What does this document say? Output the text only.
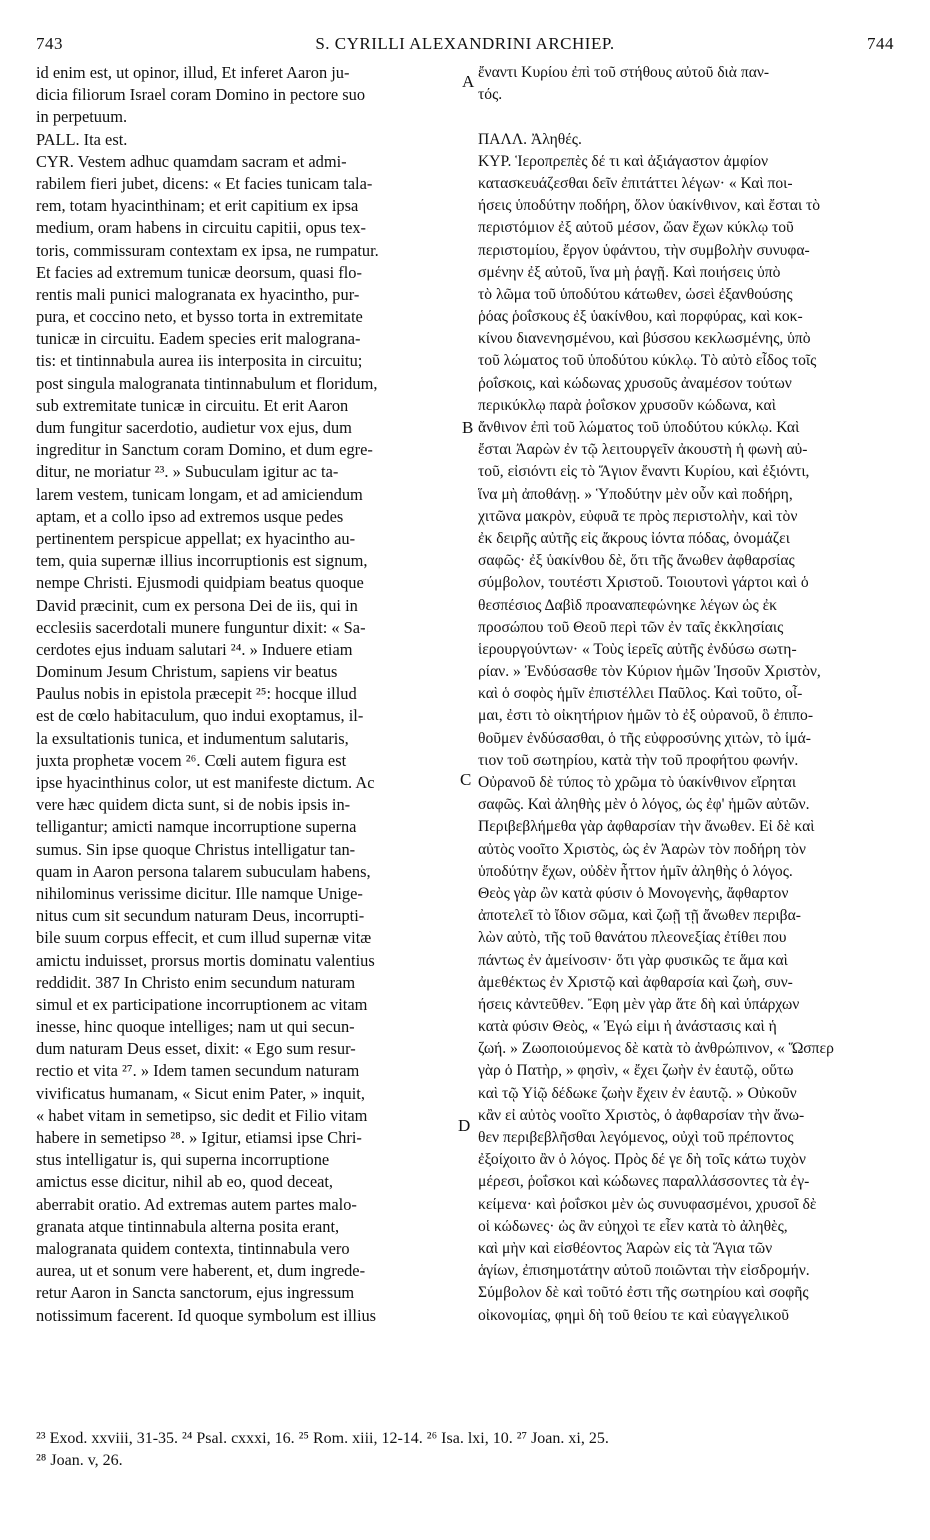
743	S. CYRILLI ALEXANDRINI ARCHIEP.	744
id enim est, ut opinor, illud, Et inferet Aaron ju-
dicia filiorum Israel coram Domino in pectore suo
in perpetuum.
PALL. Ita est.
CYR. Vestem adhuc quamdam sacram et admi-
rabilem fieri jubet, dicens: « Et facies tunicam tala-
rem, totam hyacinthinam; et erit capitium ex ipsa
medium, oram habens in circuitu capitii, opus tex-
toris, commissuram contextam ex ipsa, ne rumpatur.
Et facies ad extremum tunicæ deorsum, quasi flo-
rentis mali punici malogranata ex hyacintho, pur-
pura, et coccino neto, et bysso torta in extremitate
tunicæ in circuitu. Eadem species erit malograna-
tis: et tintinnabula aurea iis interposita in circuitu;
post singula malogranata tintinnabulum et floridum,
sub extremitate tunicæ in circuitu. Et erit Aaron
dum fungitur sacerdotio, audietur vox ejus, dum
ingreditur in Sanctum coram Domino, et dum egre-
ditur, ne moriatur ²³. » Subuculam igitur ac ta-
larem vestem, tunicam longam, et ad amiciendum
aptam, et a collo ipso ad extremos usque pedes
pertinentem perspicue appellat; ex hyacintho au-
tem, quia supernæ illius incorruptionis est signum,
nempe Christi. Ejusmodi quidpiam beatus quoque
David præcinit, cum ex persona Dei de iis, qui in
ecclesiis sacerdotali munere funguntur dixit: « Sa-
cerdotes ejus induam salutari ²⁴. » Induere etiam
Dominum Jesum Christum, sapiens vir beatus
Paulus nobis in epistola præcepit ²⁵: hocque illud
est de cœlo habitaculum, quo indui exoptamus, il-
la exsultationis tunica, et indumentum salutaris,
juxta prophetæ vocem ²⁶. Cœli autem figura est
ipse hyacinthinus color, ut est manifeste dictum. Ac
vere hæc quidem dicta sunt, si de nobis ipsis in-
telligantur; amicti namque incorruptione superna
sumus. Sin ipse quoque Christus intelligatur tan-
quam in Aaron persona talarem subuculam habens,
nihilominus verissime dicitur. Ille namque Unige-
nitus cum sit secundum naturam Deus, incorrupti-
bile suum corpus effecit, et cum illud supernæ vitæ
amictu induisset, prorsus mortis dominatu valentius
reddidit. 387 In Christo enim secundum naturam
simul et ex participatione incorruptionem ac vitam
inesse, hinc quoque intelliges; nam ut qui secun-
dum naturam Deus esset, dixit: « Ego sum resur-
rectio et vita ²⁷. » Idem tamen secundum naturam
vivificatus humanam, « Sicut enim Pater, » inquit,
« habet vitam in semetipso, sic dedit et Filio vitam
habere in semetipso ²⁸. » Igitur, etiamsi ipse Chri-
stus intelligatur is, qui superna incorruptione
amictus esse dicitur, nihil ab eo, quod deceat,
aberrabit oratio. Ad extremas autem partes malo-
granata atque tintinnabula alterna posita erant,
malogranata quidem contexta, tintinnabula vero
aurea, ut et sonum vere haberent, et, dum ingrede-
retur Aaron in Sancta sanctorum, ejus ingressum
notissimum facerent. Id quoque symbolum est illius
ἔναντι Κυρίου ἐπὶ τοῦ στήθους αὐτοῦ διὰ παν-
τός.
ΠΑΛΛ. Ἀληθές.
ΚΥΡ. Ἱεροπρεπὲς δέ τι καὶ ἀξιάγαστον ἀμφίον
κατασκευάζεσθαι δεῖν ἐπιτάττει λέγων· « Καὶ ποι-
ήσεις ὑποδύτην ποδήρη, ὅλον ὑακίνθινον, καὶ ἔσται τὸ
περιστόμιον ἐξ αὐτοῦ μέσον, ὤαν ἔχων κύκλῳ τοῦ
περιστομίου, ἔργον ὑφάντου, τὴν συμβολὴν συνυφα-
σμένην ἐξ αὐτοῦ, ἵνα μὴ ῥαγῇ. Καὶ ποιήσεις ὑπὸ
τὸ λῶμα τοῦ ὑποδύτου κάτωθεν, ὡσεὶ ἐξανθούσης
ῥόας ῥοΐσκους ἐξ ὑακίνθου, καὶ πορφύρας, καὶ κοκ-
κίνου διανενησμένου, καὶ βύσσου κεκλωσμένης, ὑπὸ
τοῦ λώματος τοῦ ὑποδύτου κύκλῳ. Τὸ αὐτὸ εἶδος τοῖς
ῥοΐσκοις, καὶ κώδωνας χρυσοῦς ἀναμέσον τούτων
περικύκλῳ παρὰ ῥοΐσκον χρυσοῦν κώδωνα, καὶ
ἄνθινον ἐπὶ τοῦ λώματος τοῦ ὑποδύτου κύκλῳ. Καὶ
ἔσται Ἀαρὼν ἐν τῷ λειτουργεῖν ἀκουστὴ ἡ φωνὴ αὐ-
τοῦ, εἰσιόντι εἰς τὸ Ἅγιον ἔναντι Κυρίου, καὶ ἐξιόντι,
ἵνα μὴ ἀποθάνῃ. » Ὑποδύτην μὲν οὖν καὶ ποδήρη,
χιτῶνα μακρὸν, εὐφυᾶ τε πρὸς περιστολὴν, καὶ τὸν
ἐκ δειρῆς αὐτῆς εἰς ἄκρους ἰόντα πόδας, ὀνομάζει
σαφῶς· ἐξ ὑακίνθου δὲ, ὅτι τῆς ἄνωθεν ἀφθαρσίας
σύμβολον, τουτέστι Χριστοῦ. Τοιουτονὶ γάρτοι καὶ ὁ
θεσπέσιος Δαβὶδ προαναπεφώνηκε λέγων ὡς ἐκ
προσώπου τοῦ Θεοῦ περὶ τῶν ἐν ταῖς ἐκκλησίαις
ἱερουργούντων· « Τοὺς ἱερεῖς αὐτῆς ἐνδύσω σωτη-
ρίαν. » Ἐνδύσασθε τὸν Κύριον ἡμῶν Ἰησοῦν Χριστὸν,
καὶ ὁ σοφὸς ἡμῖν ἐπιστέλλει Παῦλος. Καὶ τοῦτο, οἶ-
μαι, ἐστι τὸ οἰκητήριον ἡμῶν τὸ ἐξ οὐρανοῦ, ὃ ἐπιπο-
θοῦμεν ἐνδύσασθαι, ὁ τῆς εὐφροσύνης χιτὼν, τὸ ἱμά-
τιον τοῦ σωτηρίου, κατὰ τὴν τοῦ προφήτου φωνήν.
Οὐρανοῦ δὲ τύπος τὸ χρῶμα τὸ ὑακίνθινον εἴρηται
σαφῶς. Καὶ ἀληθὴς μὲν ὁ λόγος, ὡς ἐφ' ἡμῶν αὐτῶν.
Περιβεβλήμεθα γὰρ ἀφθαρσίαν τὴν ἄνωθεν. Εἰ δὲ καὶ
αὐτὸς νοοῖτο Χριστὸς, ὡς ἐν Ἀαρὼν τὸν ποδήρη τὸν
ὑποδύτην ἔχων, οὐδὲν ἧττον ἡμῖν ἀληθὴς ὁ λόγος.
Θεὸς γὰρ ὢν κατὰ φύσιν ὁ Μονογενὴς, ἄφθαρτον
ἀποτελεῖ τὸ ἴδιον σῶμα, καὶ ζωῇ τῇ ἄνωθεν περιβα-
λὼν αὐτὸ, τῆς τοῦ θανάτου πλεονεξίας ἐτίθει που
πάντως ἐν ἀμείνοσιν· ὅτι γὰρ φυσικῶς τε ἅμα καὶ
ἀμεθέκτως ἐν Χριστῷ καὶ ἀφθαρσία καὶ ζωὴ, συν-
ήσεις κἀντεῦθεν. Ἔφη μὲν γὰρ ἅτε δὴ καὶ ὑπάρχων
κατὰ φύσιν Θεὸς, « Ἐγώ εἰμι ἡ ἀνάστασις καὶ ἡ
ζωή. » Ζωοποιούμενος δὲ κατὰ τὸ ἀνθρώπινον, « Ὥσπερ
γὰρ ὁ Πατὴρ, » φησὶν, « ἔχει ζωὴν ἐν ἑαυτῷ, οὕτω
καὶ τῷ Υἱῷ δέδωκε ζωὴν ἔχειν ἐν ἑαυτῷ. » Οὐκοῦν
κἂν εἰ αὐτὸς νοοῖτο Χριστὸς, ὁ ἀφθαρσίαν τὴν ἄνω-
θεν περιβεβλῆσθαι λεγόμενος, οὐχὶ τοῦ πρέποντος
ἐξοίχοιτο ἂν ὁ λόγος. Πρὸς δέ γε δὴ τοῖς κάτω τυχὸν
μέρεσι, ῥοΐσκοι καὶ κώδωνες παραλλάσσοντες τὰ ἐγ-
κείμενα· καὶ ῥοΐσκοι μὲν ὡς συνυφασμένοι, χρυσοῖ δὲ
οἱ κώδωνες· ὡς ἂν εὐηχοὶ τε εἶεν κατὰ τὸ ἀληθὲς,
καὶ μὴν καὶ εἰσθέοντος Ἀαρὼν εἰς τὰ Ἅγια τῶν
ἁγίων, ἐπισημοτάτην αὐτοῦ ποιῶνται τὴν εἰσδρομήν.
Σύμβολον δὲ καὶ τοῦτό ἐστι τῆς σωτηρίου καὶ σοφῆς
οἰκονομίας, φημὶ δὴ τοῦ θείου τε καὶ εὐαγγελικοῦ
A
B
C
D
²³ Exod. xxviii, 31-35. ²⁴ Psal. cxxxi, 16. ²⁵ Rom. xiii, 12-14. ²⁶ Isa. lxi, 10. ²⁷ Joan. xi, 25.
²⁸ Joan. v, 26.
